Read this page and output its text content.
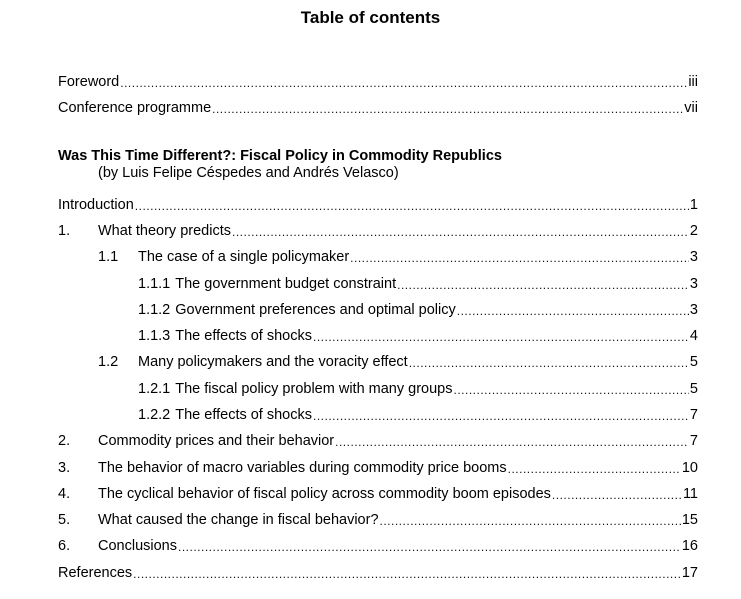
Table of contents
Foreword .....	iii
Conference programme .....	vii
Was This Time Different?: Fiscal Policy in Commodity Republics
(by Luis Felipe Céspedes and Andrés Velasco)
Introduction .....	1
1.	What theory predicts .....	2
1.1	The case of a single policymaker .....	3
1.1.1 The government budget constraint .....	3
1.1.2 Government preferences and optimal policy .....	3
1.1.3 The effects of shocks .....	4
1.2	Many policymakers and the voracity effect .....	5
1.2.1 The fiscal policy problem with many groups .....	5
1.2.2 The effects of shocks .....	7
2.	Commodity prices and their behavior .....	7
3.	The behavior of macro variables during commodity price booms .....	10
4.	The cyclical behavior of fiscal policy across commodity boom episodes .....	11
5.	What caused the change in fiscal behavior? .....	15
6.	Conclusions .....	16
References .....	17
